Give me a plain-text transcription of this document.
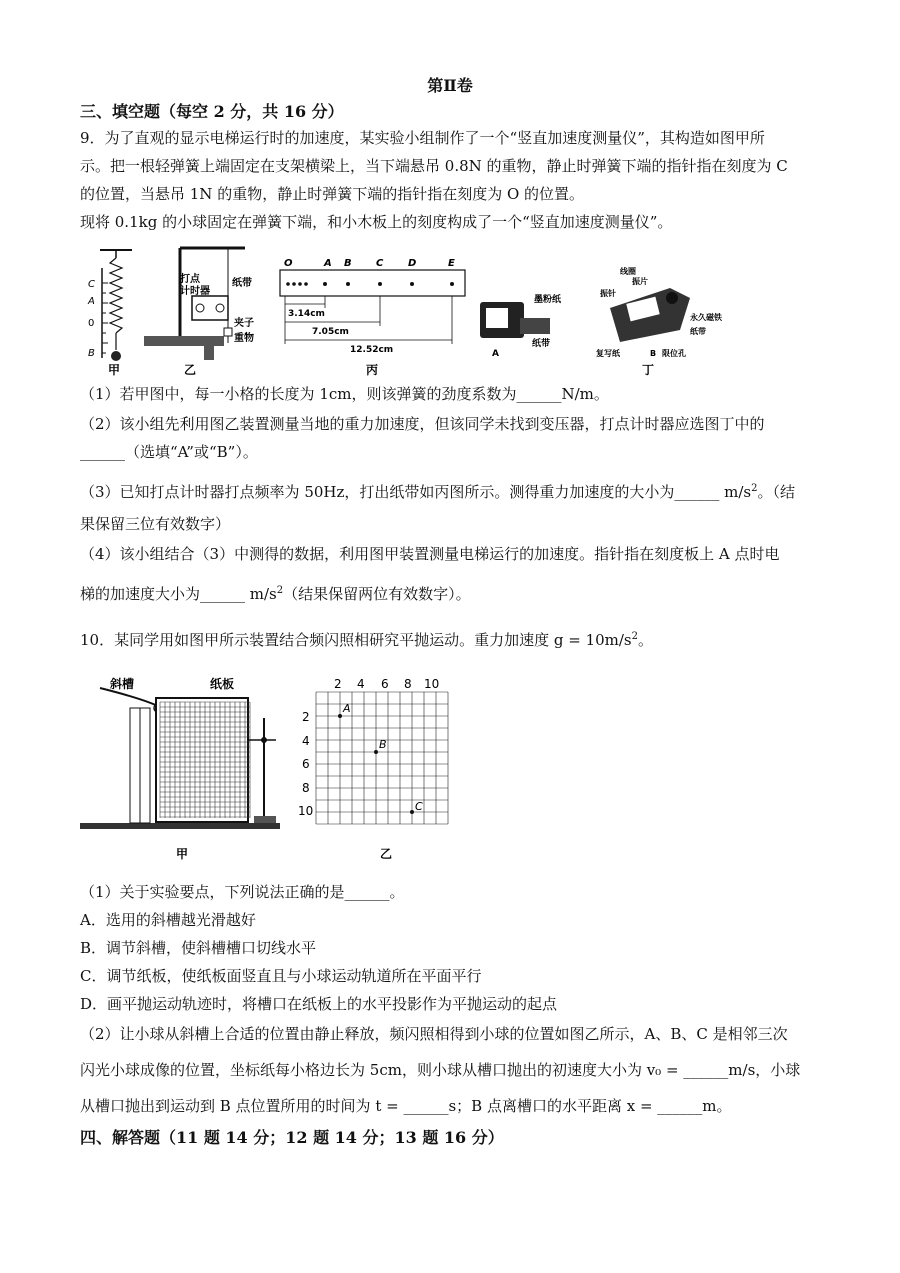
第Ⅱ卷
三、填空题（每空 2 分，共 16 分）
9．为了直观的显示电梯运行时的加速度，某实验小组制作了一个“竖直加速度测量仪”，其构造如图甲所
示。把一根轻弹簧上端固定在支架横梁上，当下端悬吊 0.8N 的重物，静止时弹簧下端的指针指在刻度为 C
的位置，当悬吊 1N 的重物，静止时弹簧下端的指针指在刻度为 O 的位置。
现将 0.1kg 的小球固定在弹簧下端，和小木板上的刻度构成了一个“竖直加速度测量仪”。
C
A
0
B
甲
打点
计时器
纸带
夹子
重物
乙
O	A B C D	E
3.14cm
7.05cm
12.52cm
丙
墨粉纸
纸带
A
线圈
振片
振针
永久磁铁
纸带
复写纸	限位孔
B
丁
（1）若甲图中，每一小格的长度为 1cm，则该弹簧的劲度系数为______N/m。
（2）该小组先利用图乙装置测量当地的重力加速度，但该同学未找到变压器，打点计时器应选图丁中的
______（选填“A”或“B”）。
（3）已知打点计时器打点频率为 50Hz，打出纸带如丙图所示。测得重力加速度的大小为______ $m/s^2$。（结
果保留三位有效数字）
（4）该小组结合（3）中测得的数据，利用图甲装置测量电梯运行的加速度。指针指在刻度板上 A 点时电
梯的加速度大小为______ $m/s^2$（结果保留两位有效数字）。
10．某同学用如图甲所示装置结合频闪照相研究平抛运动。重力加速度 $g = 10m/s^2$。
斜槽	纸板
甲
2 4 6 8 10
2
4
6
8
10
A
B
C
乙
（1）关于实验要点，下列说法正确的是______。
A．选用的斜槽越光滑越好
B．调节斜槽，使斜槽槽口切线水平
C．调节纸板，使纸板面竖直且与小球运动轨道所在平面平行
D．画平抛运动轨迹时，将槽口在纸板上的水平投影作为平抛运动的起点
（2）让小球从斜槽上合适的位置由静止释放，频闪照相得到小球的位置如图乙所示，A、B、C 是相邻三次
闪光小球成像的位置，坐标纸每小格边长为 5cm，则小球从槽口抛出的初速度大小为 v₀ = ______m/s，小球
从槽口抛出到运动到 B 点位置所用的时间为 t = ______s；B 点离槽口的水平距离 x = ______m。
四、解答题（11 题 14 分；12 题 14 分；13 题 16 分）
